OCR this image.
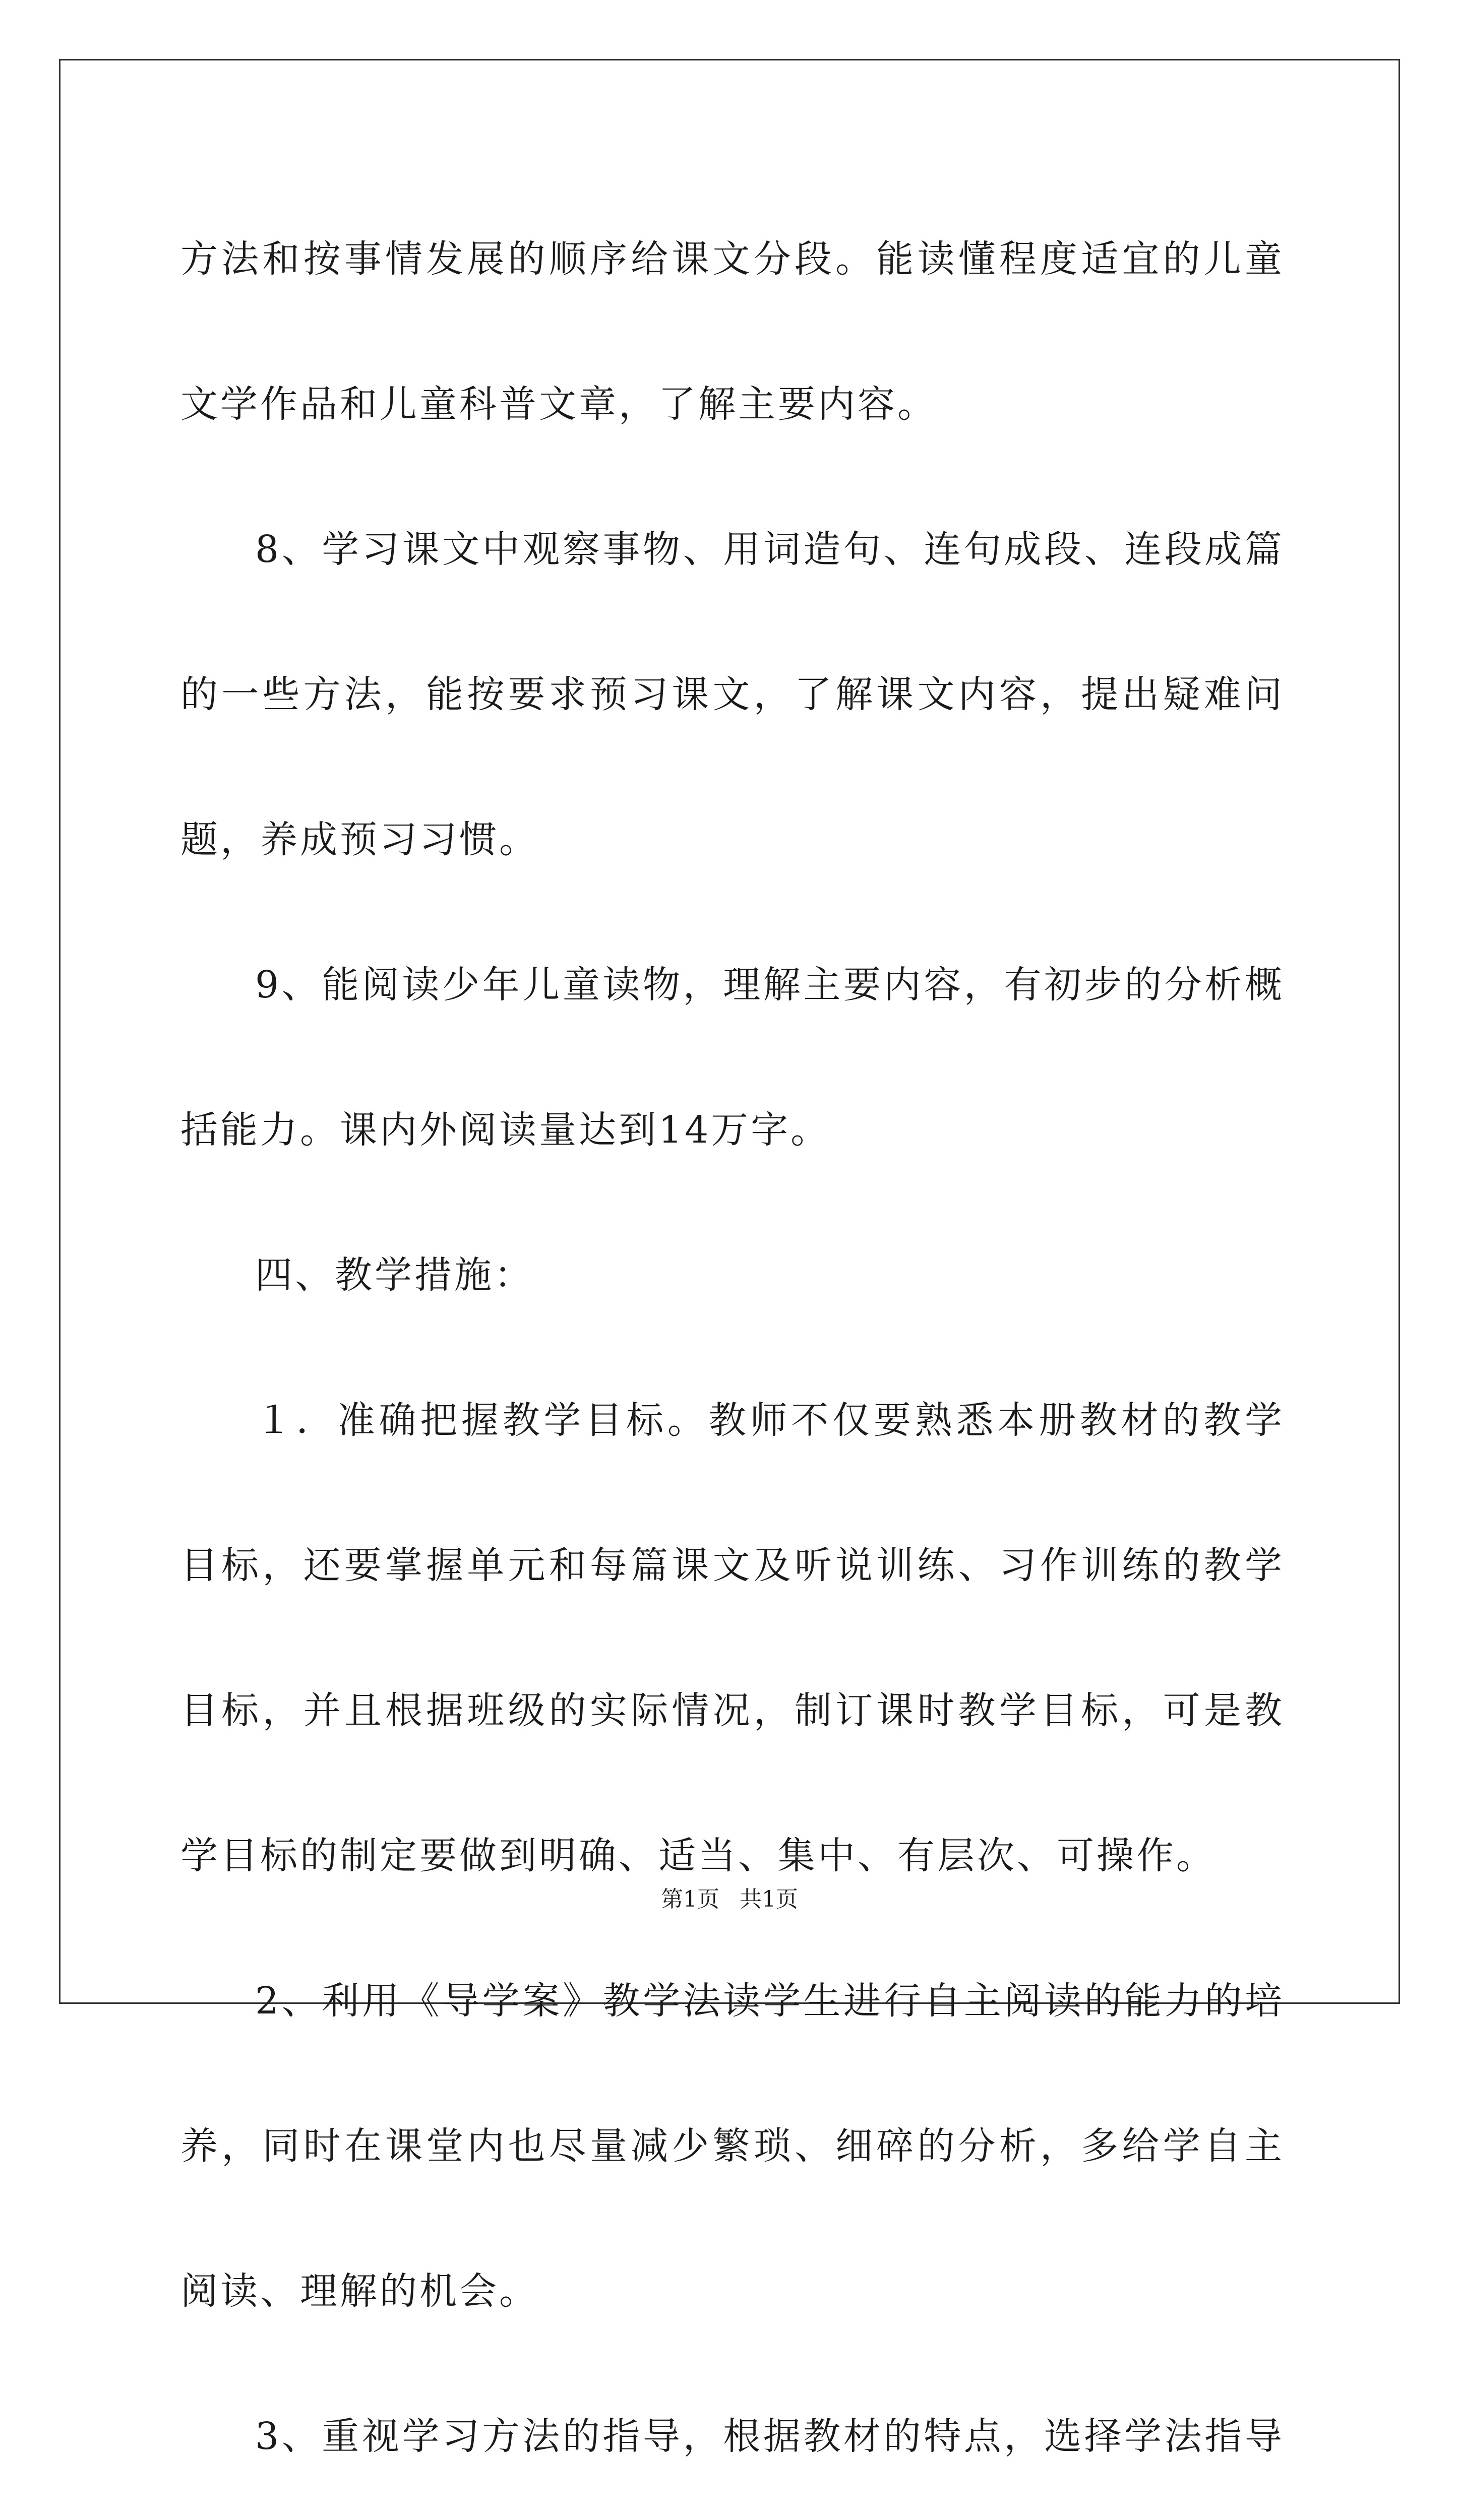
方法和按事情发展的顺序给课文分段。能读懂程度适宜的儿童文学作品和儿童科普文章，了解主要内容。

8、学习课文中观察事物、用词造句、连句成段、连段成篇的一些方法，能按要求预习课文，了解课文内容，提出疑难问题，养成预习习惯。

9、能阅读少年儿童读物，理解主要内容，有初步的分析概括能力。课内外阅读量达到14万字。

四、教学措施：

１．准确把握教学目标。教师不仅要熟悉本册教材的教学目标，还要掌握单元和每篇课文及听说训练、习作训练的教学目标，并且根据班级的实际情况，制订课时教学目标，可是教学目标的制定要做到明确、适当、集中、有层次、可操作。

2、利用《导学案》教学法读学生进行自主阅读的能力的培养，同时在课堂内也尽量减少繁琐、细碎的分析，多给学自主阅读、理解的机会。

3、重视学习方法的指导，根据教材的特点，选择学法指导

第1页 共1页
